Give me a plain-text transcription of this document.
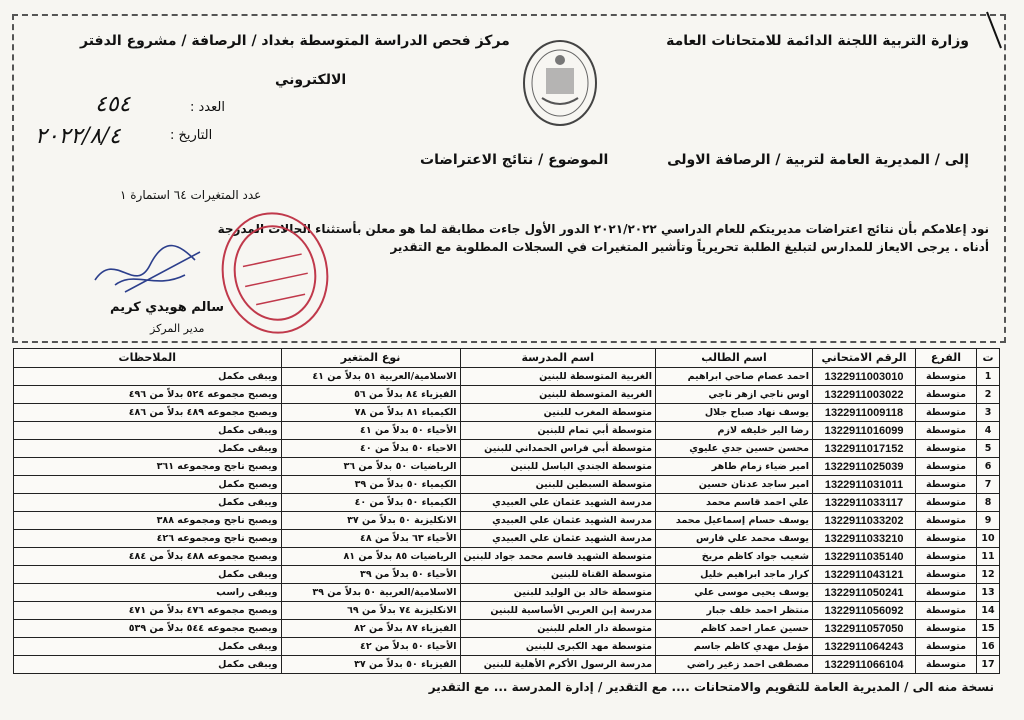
وزارة التربية اللجنة الدائمة للامتحانات العامة
مركز فحص الدراسة المتوسطة بغداد / الرصافة / مشروع الدفتر
الالكتروني
العدد :
٤٥٤
التاريخ :
٢٠٢٢/٨/٤
إلى / المديرية العامة لتربية / الرصافة الاولى
الموضوع / نتائج الاعتراضات
عدد المتغيرات ٦٤ استمارة ١
نود إعلامكم بأن نتائج اعتراضات مديريتكم للعام الدراسي ٢٠٢١/٢٠٢٢ الدور الأول جاءت مطابقة لما هو معلن بأستثناء الحالات المدرجة
أدناه . يرجى الايعاز للمدارس لتبليغ الطلبة تحريرياً وتأشير المتغيرات في السجلات المطلوبة مع التقدير
سالم هويدي كريم
مدير المركز
ت	الفرع	الرقم الامتحاني	اسم الطالب	اسم المدرسة	نوع المتغير	الملاحظات
1	متوسطة	1322911003010	احمد عصام صاحي ابراهيم	الغربية المتوسطة للبنين	الاسلامية/العربية ٥١ بدلاً من ٤١	ويبقى مكمل
2	متوسطة	1322911003022	اوس ناجي ازهر ناجي	الغربية المتوسطة للبنين	الفيزياء ٨٤ بدلاً من ٥٦	ويصبح مجموعه ٥٢٤ بدلاً من ٤٩٦
3	متوسطة	1322911009118	يوسف نهاد صباح جلال	متوسطة المغرب للبنين	الكيمياء ٨١ بدلاً من ٧٨	ويصبح مجموعه ٤٨٩ بدلاً من ٤٨٦
4	متوسطة	1322911016099	رضا الير خليفه لازم	متوسطة أبي تمام للبنين	الأحياء ٥٠ بدلاً من ٤١	ويبقى مكمل
5	متوسطة	1322911017152	محسن حسين جدي عليوي	متوسطة أبي فراس الحمداني للبنين	الاحياء ٥٠ بدلاً من ٤٠	ويبقى مكمل
6	متوسطة	1322911025039	امير ضياء زمام طاهر	متوسطة الجندي الباسل للبنين	الرياضيات ٥٠ بدلاً من ٣٦	ويصبح ناجح ومجموعه ٣٦١
7	متوسطة	1322911031011	امير ساجد عدنان حسين	متوسطة السبطين للبنين	الكيمياء ٥٠ بدلاً من ٣٩	ويصبح مكمل
8	متوسطة	1322911033117	علي احمد قاسم محمد	مدرسة الشهيد عثمان علي العبيدي	الكيمياء ٥٠ بدلاً من ٤٠	ويبقى مكمل
9	متوسطة	1322911033202	يوسف حسام إسماعيل محمد	مدرسة الشهيد عثمان علي العبيدي	الانكليزية ٥٠ بدلاً من ٣٧	ويصبح ناجح ومجموعه ٣٨٨
10	متوسطة	1322911033210	يوسف محمد علي فارس	مدرسة الشهيد عثمان علي العبيدي	الأحياء ٦٣ بدلاً من ٤٨	ويصبح ناجح ومجموعه ٤٢٦
11	متوسطة	1322911035140	شعيب جواد كاظم مريخ	متوسطة الشهيد قاسم محمد جواد للبنين	الرياضيات ٨٥ بدلاً من ٨١	ويصبح مجموعه ٤٨٨ بدلاً من ٤٨٤
12	متوسطة	1322911043121	كرار ماجد ابراهيم خليل	متوسطة القناة للبنين	الأحياء ٥٠ بدلاً من ٣٩	ويبقى مكمل
13	متوسطة	1322911050241	يوسف يحيى موسى علي	متوسطة خالد بن الوليد للبنين	الاسلامية/العربية ٥٠ بدلاً من ٣٩	ويبقى راسب
14	متوسطة	1322911056092	منتظر احمد خلف جبار	مدرسة إبن العربي الأساسية للبنين	الانكليزية ٧٤ بدلاً من ٦٩	ويصبح مجموعه ٤٧٦ بدلاً من ٤٧١
15	متوسطة	1322911057050	حسين عمار احمد كاظم	متوسطة دار العلم للبنين	الفيزياء ٨٧ بدلاً من ٨٢	ويصبح مجموعه ٥٤٤ بدلاً من ٥٣٩
16	متوسطة	1322911064243	مؤمل مهدي كاظم جاسم	متوسطة مهد الكبرى للبنين	الأحياء ٥٠ بدلاً من ٤٢	ويبقى مكمل
17	متوسطة	1322911066104	مصطفى احمد زغير راضي	مدرسة الرسول الأكرم الأهلية للبنين	الفيزياء ٥٠ بدلاً من ٣٧	ويبقى مكمل
نسخة منه الى / المديرية العامة للتقويم والامتحانات .... مع التقدير / إدارة المدرسة ... مع التقدير
